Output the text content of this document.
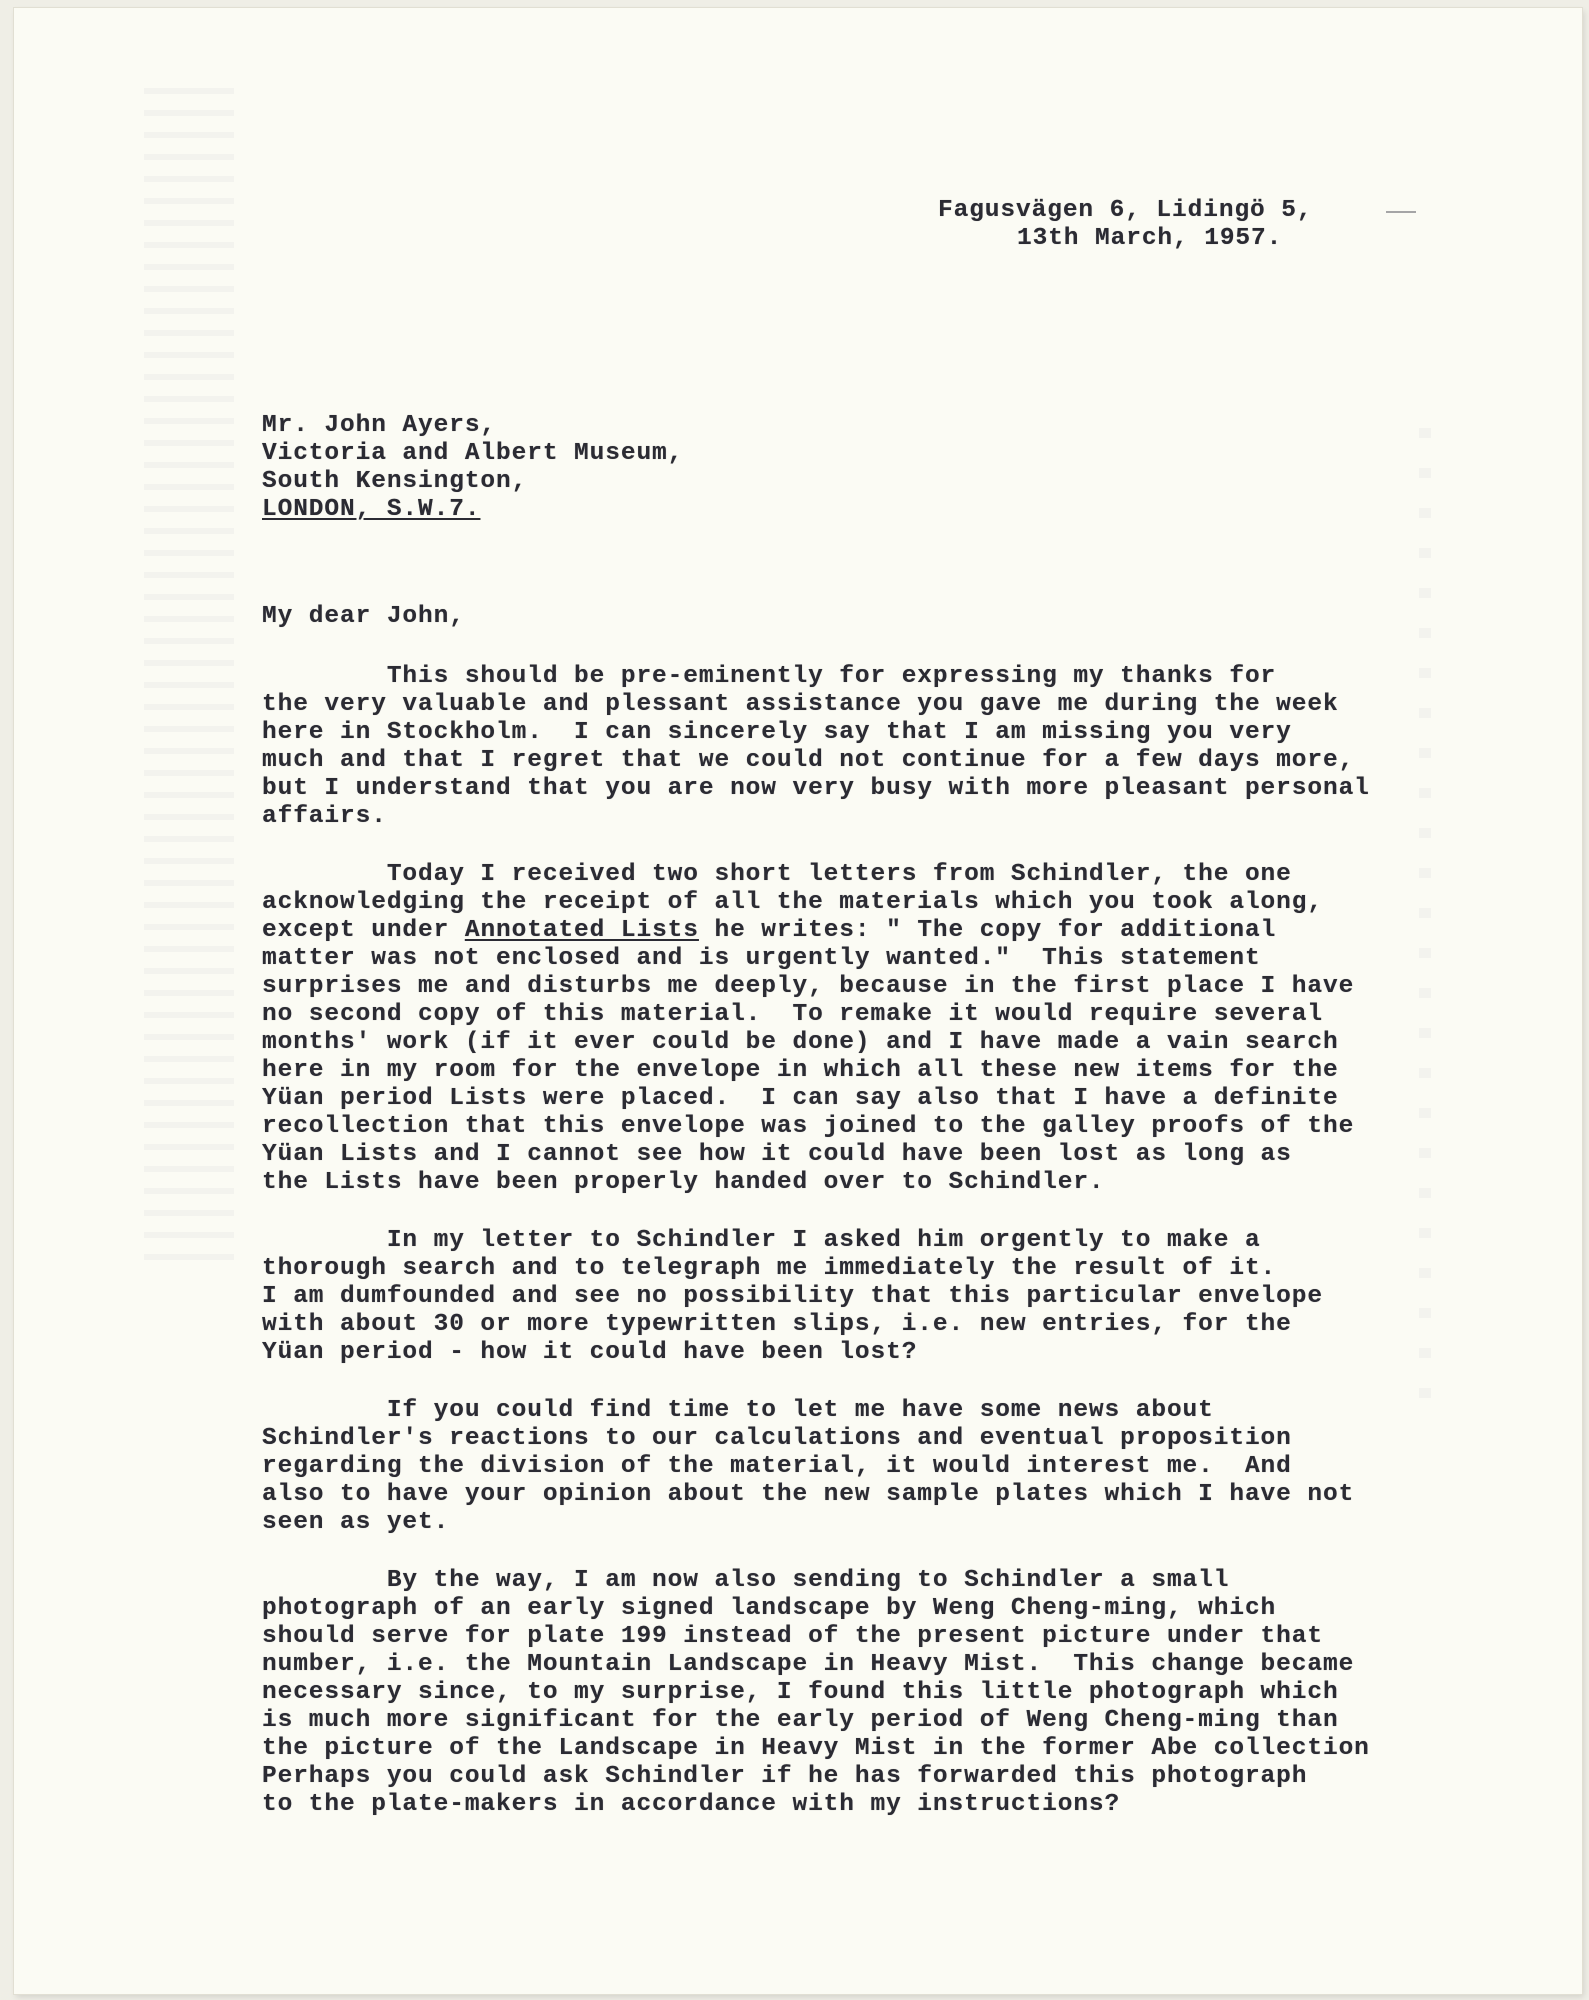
Fagusvägen 6, Lidingö 5,
13th March, 1957.
Mr. John Ayers,
Victoria and Albert Museum,
South Kensington,
LONDON, S.W.7.
My dear John,
This should be pre-eminently for expressing my thanks for
the very valuable and plessant assistance you gave me during the week
here in Stockholm.  I can sincerely say that I am missing you very
much and that I regret that we could not continue for a few days more,
but I understand that you are now very busy with more pleasant personal
affairs.
Today I received two short letters from Schindler, the one
acknowledging the receipt of all the materials which you took along,
except under Annotated Lists he writes: " The copy for additional
matter was not enclosed and is urgently wanted."  This statement
surprises me and disturbs me deeply, because in the first place I have
no second copy of this material.  To remake it would require several
months' work (if it ever could be done) and I have made a vain search
here in my room for the envelope in which all these new items for the
Yüan period Lists were placed.  I can say also that I have a definite
recollection that this envelope was joined to the galley proofs of the
Yüan Lists and I cannot see how it could have been lost as long as
the Lists have been properly handed over to Schindler.
In my letter to Schindler I asked him orgently to make a
thorough search and to telegraph me immediately the result of it.
I am dumfounded and see no possibility that this particular envelope
with about 30 or more typewritten slips, i.e. new entries, for the
Yüan period - how it could have been lost?
If you could find time to let me have some news about
Schindler's reactions to our calculations and eventual proposition
regarding the division of the material, it would interest me.  And
also to have your opinion about the new sample plates which I have not
seen as yet.
By the way, I am now also sending to Schindler a small
photograph of an early signed landscape by Weng Cheng-ming, which
should serve for plate 199 instead of the present picture under that
number, i.e. the Mountain Landscape in Heavy Mist.  This change became
necessary since, to my surprise, I found this little photograph which
is much more significant for the early period of Weng Cheng-ming than
the picture of the Landscape in Heavy Mist in the former Abe collection
Perhaps you could ask Schindler if he has forwarded this photograph
to the plate-makers in accordance with my instructions?
